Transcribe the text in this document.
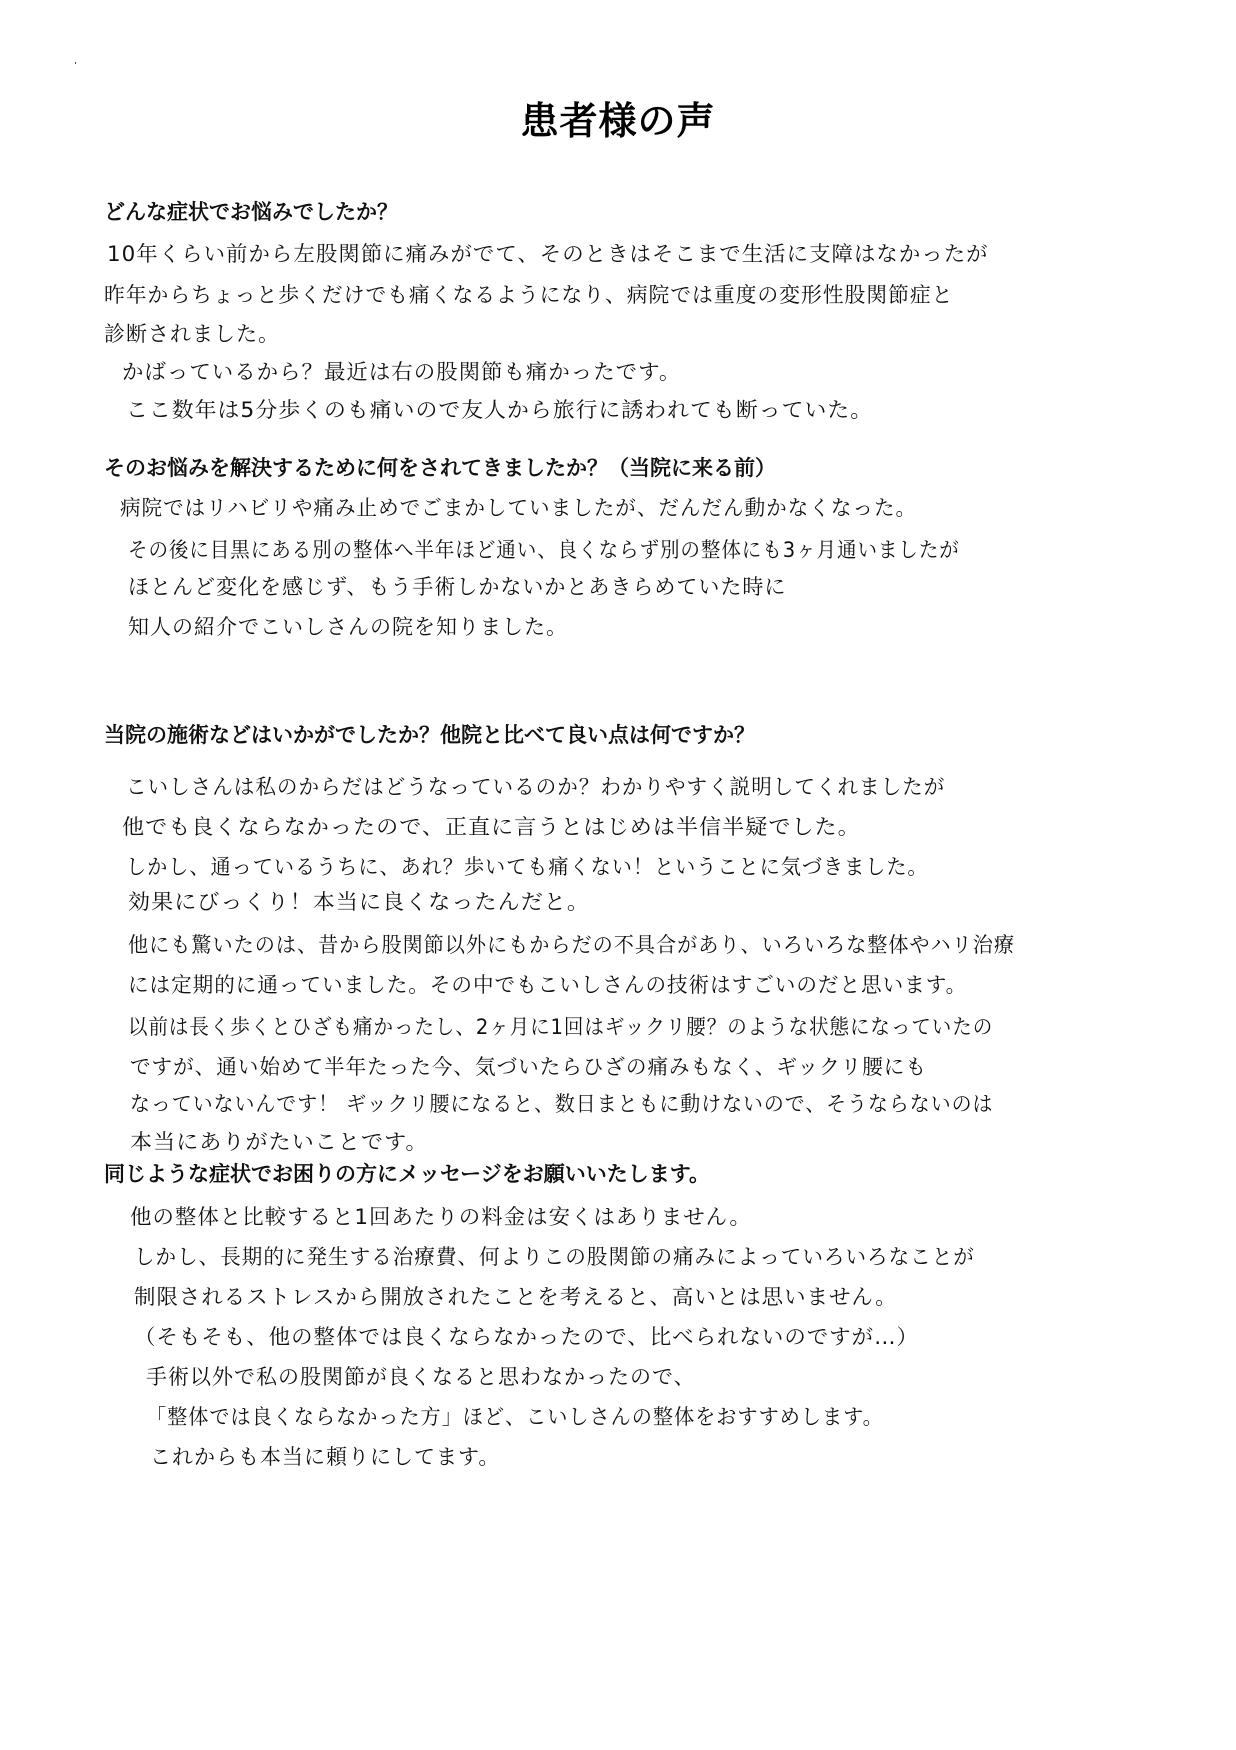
患者様の声
どんな症状でお悩みでしたか？
10年くらい前から左股関節に痛みがでて、そのときはそこまで生活に支障はなかったが
昨年からちょっと歩くだけでも痛くなるようになり、病院では重度の変形性股関節症と
診断されました。
かばっているから？最近は右の股関節も痛かったです。
ここ数年は5分歩くのも痛いので友人から旅行に誘われても断っていた。
そのお悩みを解決するために何をされてきましたか？（当院に来る前）
病院ではリハビリや痛み止めでごまかしていましたが、だんだん動かなくなった。
その後に目黒にある別の整体へ半年ほど通い、良くならず別の整体にも3ヶ月通いましたが
ほとんど変化を感じず、もう手術しかないかとあきらめていた時に
知人の紹介でこいしさんの院を知りました。
当院の施術などはいかがでしたか？他院と比べて良い点は何ですか？
こいしさんは私のからだはどうなっているのか？わかりやすく説明してくれましたが
他でも良くならなかったので、正直に言うとはじめは半信半疑でした。
しかし、通っているうちに、あれ？歩いても痛くない！ということに気づきました。
効果にびっくり！本当に良くなったんだと。
他にも驚いたのは、昔から股関節以外にもからだの不具合があり、いろいろな整体やハリ治療
には定期的に通っていました。その中でもこいしさんの技術はすごいのだと思います。
以前は長く歩くとひざも痛かったし、2ヶ月に1回はギックリ腰？のような状態になっていたの
ですが、通い始めて半年たった今、気づいたらひざの痛みもなく、ギックリ腰にも
なっていないんです！ ギックリ腰になると、数日まともに動けないので、そうならないのは
本当にありがたいことです。
同じような症状でお困りの方にメッセージをお願いいたします。
他の整体と比較すると1回あたりの料金は安くはありません。
しかし、長期的に発生する治療費、何よりこの股関節の痛みによっていろいろなことが
制限されるストレスから開放されたことを考えると、高いとは思いません。
（そもそも、他の整体では良くならなかったので、比べられないのですが…）
手術以外で私の股関節が良くなると思わなかったので、
「整体では良くならなかった方」ほど、こいしさんの整体をおすすめします。
これからも本当に頼りにしてます。
